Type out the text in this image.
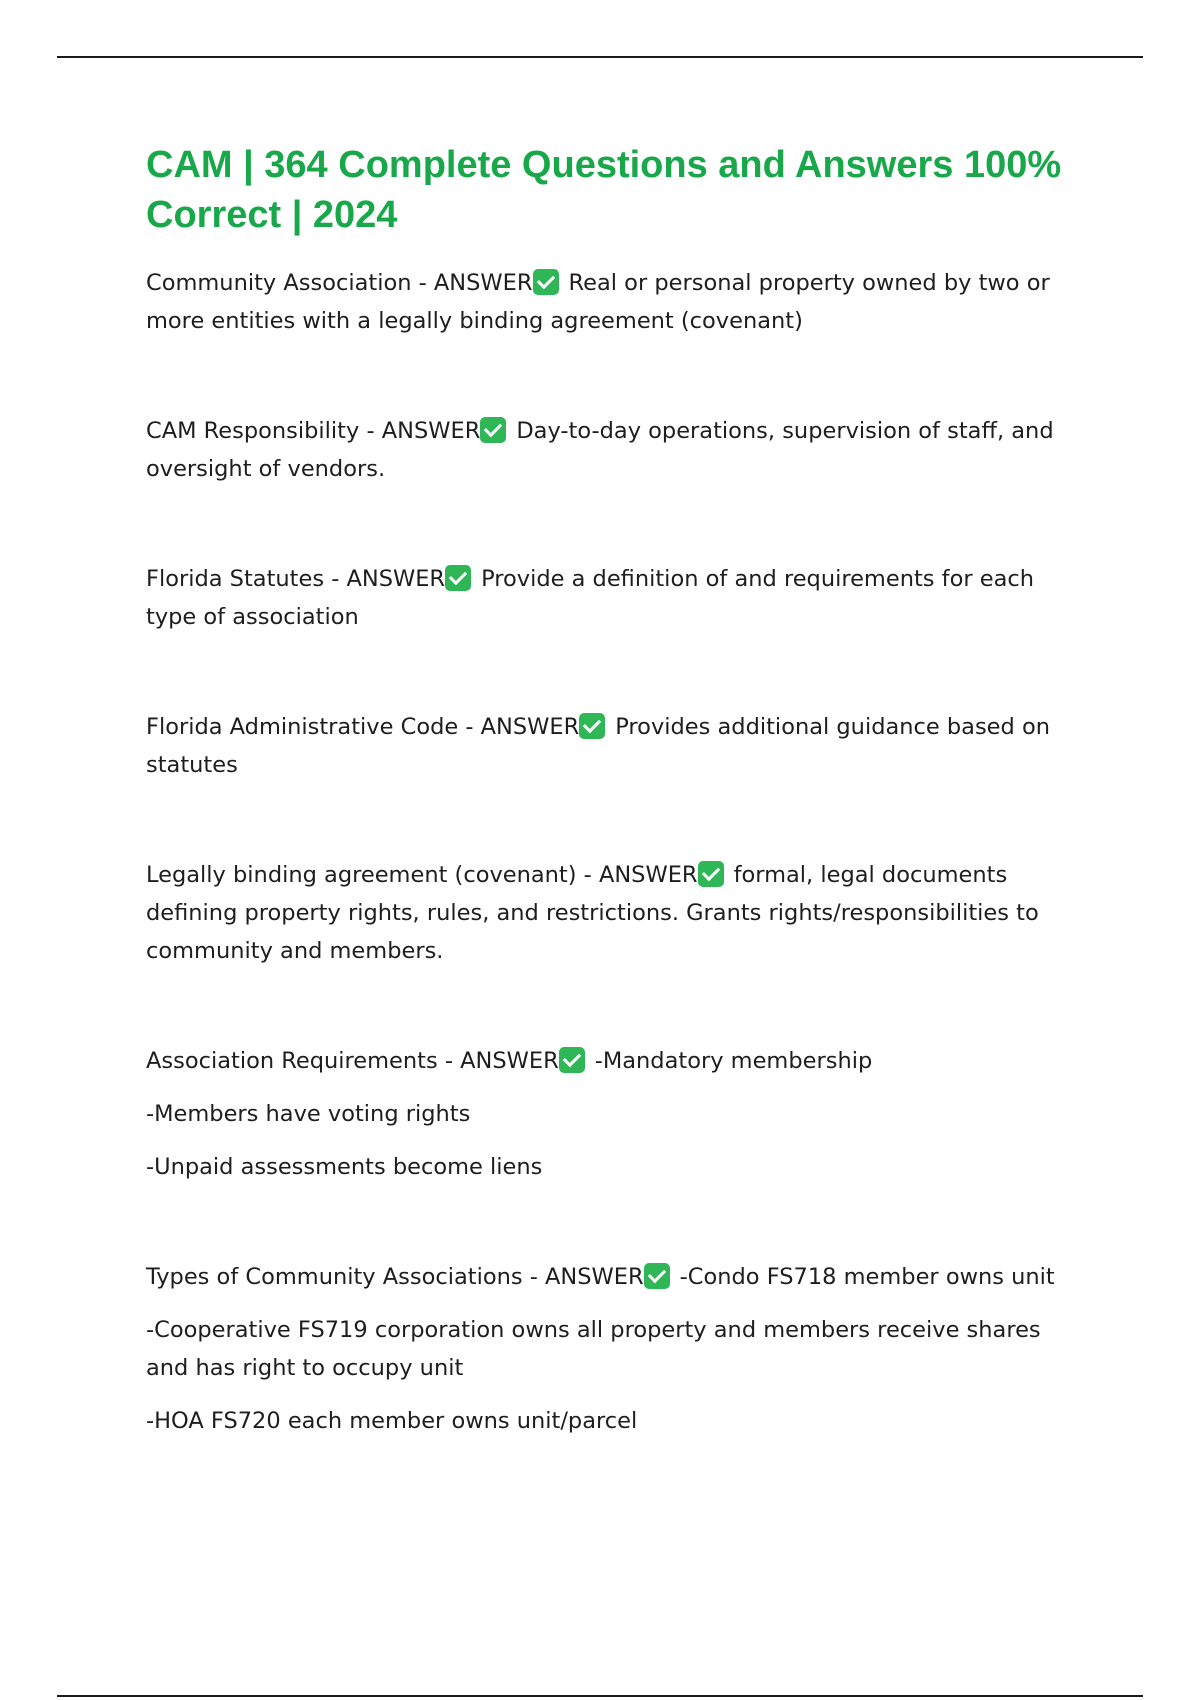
CAM | 364 Complete Questions and Answers 100% Correct | 2024

Community Association - ANSWER Real or personal property owned by two or more entities with a legally binding agreement (covenant)

CAM Responsibility - ANSWER Day-to-day operations, supervision of staff, and oversight of vendors.

Florida Statutes - ANSWER Provide a definition of and requirements for each type of association

Florida Administrative Code - ANSWER Provides additional guidance based on statutes

Legally binding agreement (covenant) - ANSWER formal, legal documents defining property rights, rules, and restrictions. Grants rights/responsibilities to community and members.

Association Requirements - ANSWER -Mandatory membership

-Members have voting rights

-Unpaid assessments become liens

Types of Community Associations - ANSWER -Condo FS718 member owns unit

-Cooperative FS719 corporation owns all property and members receive shares and has right to occupy unit

-HOA FS720 each member owns unit/parcel
